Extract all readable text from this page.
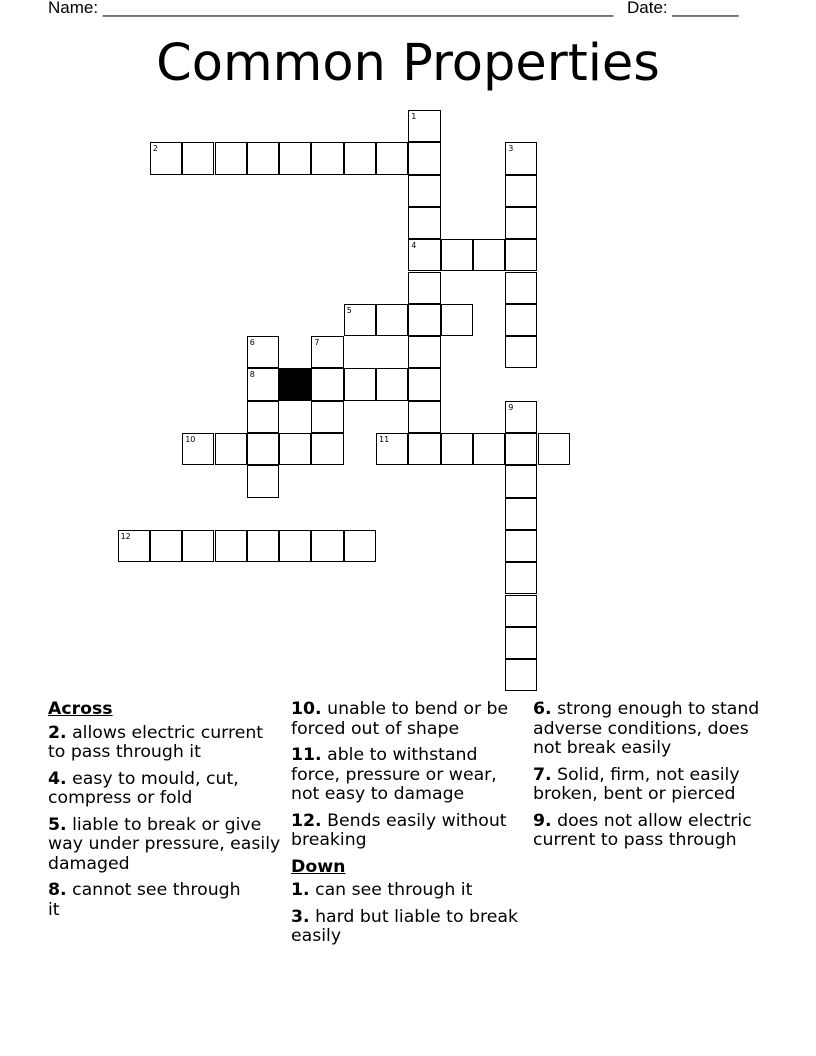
Name: ______________________________________________________ Date: _______
Common Properties
2
4
5
8
10	11
12
1
3
6	7
9
Across
2. allows electric current to pass through it
4. easy to mould, cut, compress or fold
5. liable to break or give way under pressure, easily damaged
8. cannot see through it
10. unable to bend or be forced out of shape
11. able to withstand force, pressure or wear, not easy to damage
12. Bends easily without breaking
Down
1. can see through it
3. hard but liable to break easily
6. strong enough to stand adverse conditions, does not break easily
7. Solid, firm, not easily broken, bent or pierced
9. does not allow electric current to pass through
